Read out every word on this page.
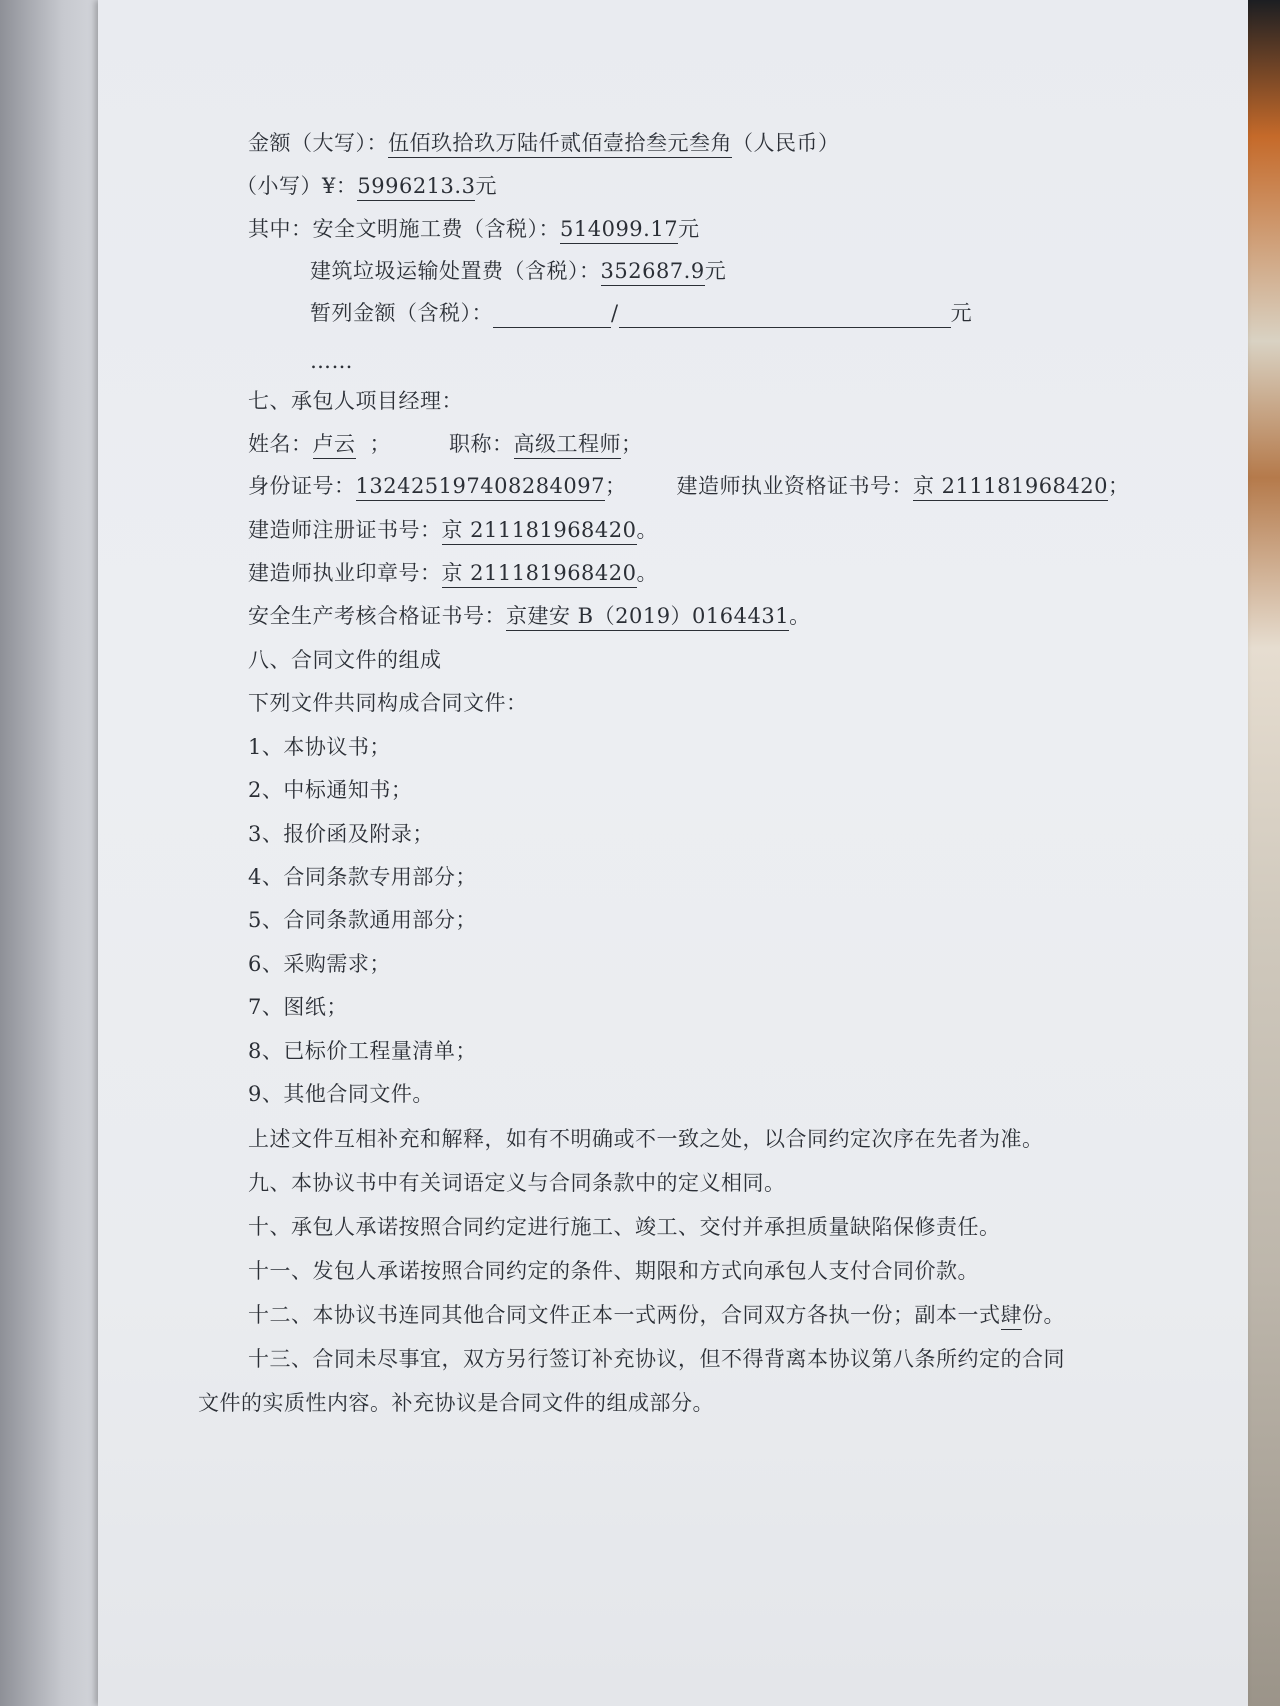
金额（大写）：伍佰玖拾玖万陆仟贰佰壹拾叁元叁角（人民币）
（小写）¥：5996213.3元
其中：安全文明施工费（含税）：514099.17元
建筑垃圾运输处置费（含税）：352687.9元
暂列金额（含税）：	/	元
……
七、承包人项目经理：
姓名：卢云 ；	职称：高级工程师；
身份证号：132425197408284097； 建造师执业资格证书号：京 211181968420；
建造师注册证书号：京 211181968420。
建造师执业印章号：京 211181968420。
安全生产考核合格证书号：京建安 B（2019）0164431。
八、合同文件的组成
下列文件共同构成合同文件：
1、本协议书；
2、中标通知书；
3、报价函及附录；
4、合同条款专用部分；
5、合同条款通用部分；
6、采购需求；
7、图纸；
8、已标价工程量清单；
9、其他合同文件。
上述文件互相补充和解释，如有不明确或不一致之处，以合同约定次序在先者为准。
九、本协议书中有关词语定义与合同条款中的定义相同。
十、承包人承诺按照合同约定进行施工、竣工、交付并承担质量缺陷保修责任。
十一、发包人承诺按照合同约定的条件、期限和方式向承包人支付合同价款。
十二、本协议书连同其他合同文件正本一式两份，合同双方各执一份；副本一式肆份。
十三、合同未尽事宜，双方另行签订补充协议，但不得背离本协议第八条所约定的合同
文件的实质性内容。补充协议是合同文件的组成部分。
